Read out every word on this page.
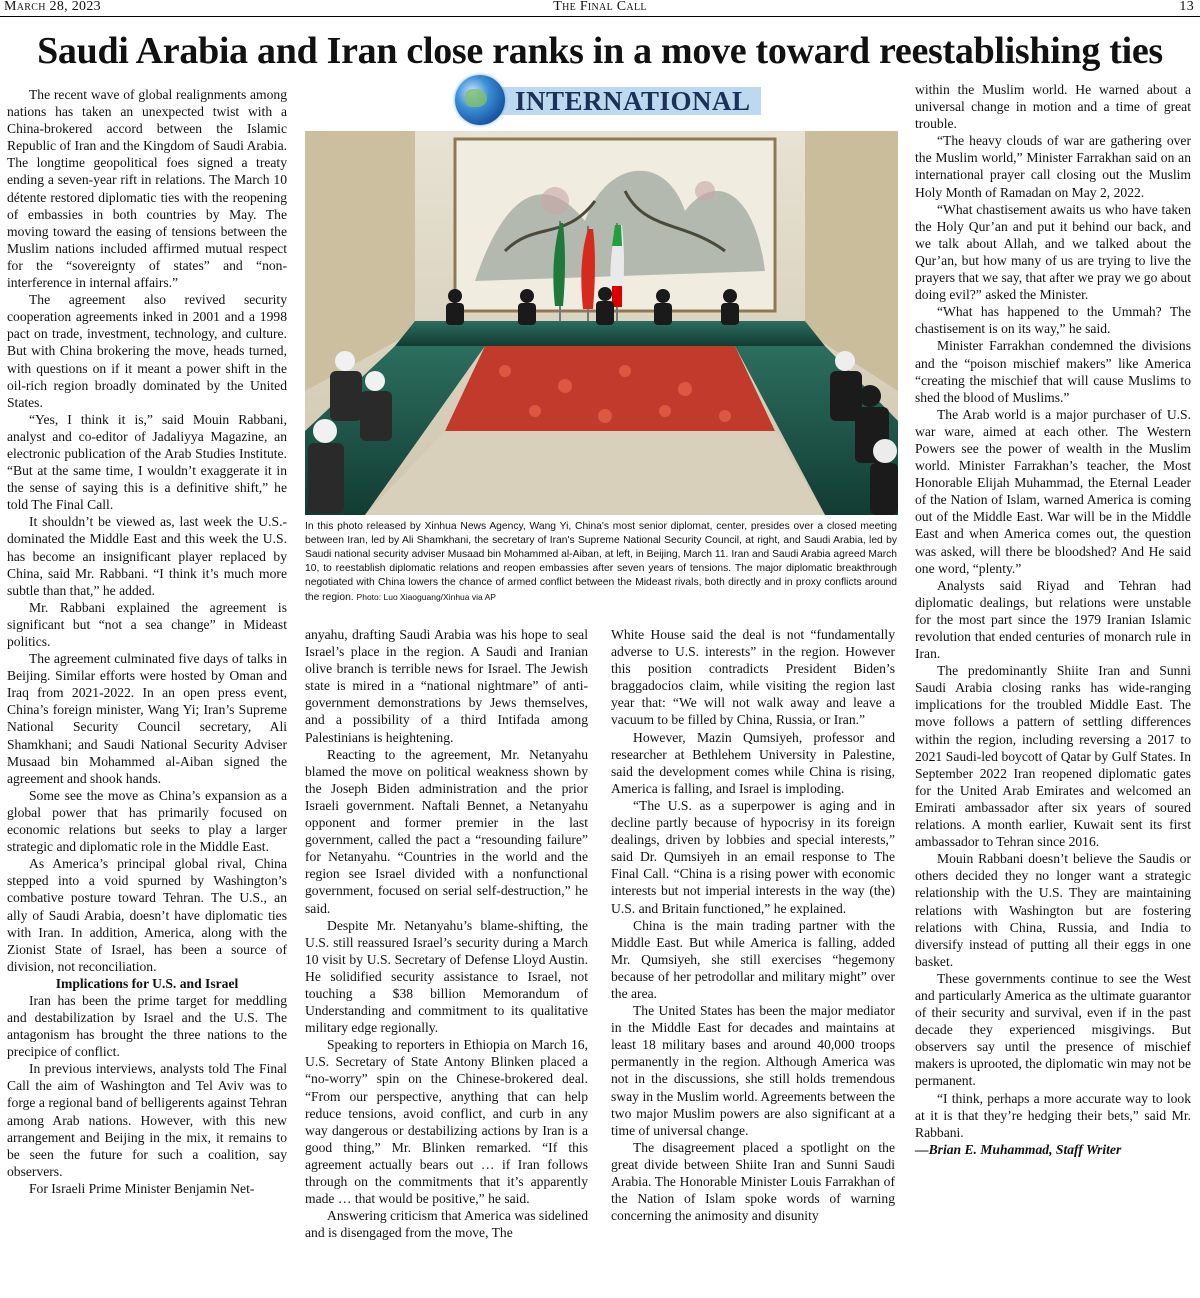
March 28, 2023	The Final Call	13
Saudi Arabia and Iran close ranks in a move toward reestablishing ties

The recent wave of global realignments among nations has taken an unexpected twist with a China-brokered accord between the Islamic Republic of Iran and the Kingdom of Saudi Arabia. The longtime geopolitical foes signed a treaty ending a seven-year rift in relations. The March 10 détente restored diplomatic ties with the reopening of embassies in both countries by May. The moving toward the easing of tensions between the Muslim nations included affirmed mutual respect for the “sovereignty of states” and “non-interference in internal affairs.”

The agreement also revived security cooperation agreements inked in 2001 and a 1998 pact on trade, investment, technology, and culture. But with China brokering the move, heads turned, with questions on if it meant a power shift in the oil-rich region broadly dominated by the United States.

“Yes, I think it is,” said Mouin Rabbani, analyst and co-editor of Jadaliyya Magazine, an electronic publication of the Arab Studies Institute. “But at the same time, I wouldn’t exaggerate it in the sense of saying this is a definitive shift,” he told The Final Call.

It shouldn’t be viewed as, last week the U.S.- dominated the Middle East and this week the U.S. has become an insignificant player replaced by China, said Mr. Rabbani. “I think it’s much more subtle than that,” he added.

Mr. Rabbani explained the agreement is significant but “not a sea change” in Mideast politics.

The agreement culminated five days of talks in Beijing. Similar efforts were hosted by Oman and Iraq from 2021-2022. In an open press event, China’s foreign minister, Wang Yi; Iran’s Supreme National Security Council secretary, Ali Shamkhani; and Saudi National Security Adviser Musaad bin Mohammed al-Aiban signed the agreement and shook hands.

Some see the move as China’s expansion as a global power that has primarily focused on economic relations but seeks to play a larger strategic and diplomatic role in the Middle East.

As America’s principal global rival, China stepped into a void spurned by Washington’s combative posture toward Tehran. The U.S., an ally of Saudi Arabia, doesn’t have diplomatic ties with Iran. In addition, America, along with the Zionist State of Israel, has been a source of division, not reconciliation.

Implications for U.S. and Israel

Iran has been the prime target for meddling and destabilization by Israel and the U.S. The antagonism has brought the three nations to the precipice of conflict.

In previous interviews, analysts told The Final Call the aim of Washington and Tel Aviv was to forge a regional band of belligerents against Tehran among Arab nations. However, with this new arrangement and Beijing in the mix, it remains to be seen the future for such a coalition, say observers.

For Israeli Prime Minister Benjamin Net-

INTERNATIONAL
In this photo released by Xinhua News Agency, Wang Yi, China's most senior diplomat, center, presides over a closed meeting between Iran, led by Ali Shamkhani, the secretary of Iran's Supreme National Security Council, at right, and Saudi Arabia, led by Saudi national security adviser Musaad bin Mohammed al-Aiban, at left, in Beijing, March 11. Iran and Saudi Arabia agreed March 10, to reestablish diplomatic relations and reopen embassies after seven years of tensions. The major diplomatic breakthrough negotiated with China lowers the chance of armed conflict between the Mideast rivals, both directly and in proxy conflicts around the region. Photo: Luo Xiaoguang/Xinhua via AP

anyahu, drafting Saudi Arabia was his hope to seal Israel’s place in the region. A Saudi and Iranian olive branch is terrible news for Israel. The Jewish state is mired in a “national nightmare” of anti-government demonstrations by Jews themselves, and a possibility of a third Intifada among Palestinians is heightening.

Reacting to the agreement, Mr. Netanyahu blamed the move on political weakness shown by the Joseph Biden administration and the prior Israeli government. Naftali Bennet, a Netanyahu opponent and former premier in the last government, called the pact a “resounding failure” for Netanyahu. “Countries in the world and the region see Israel divided with a nonfunctional government, focused on serial self-destruction,” he said.

Despite Mr. Netanyahu’s blame-shifting, the U.S. still reassured Israel’s security during a March 10 visit by U.S. Secretary of Defense Lloyd Austin. He solidified security assistance to Israel, not touching a $38 billion Memorandum of Understanding and commitment to its qualitative military edge regionally.

Speaking to reporters in Ethiopia on March 16, U.S. Secretary of State Antony Blinken placed a “no-worry” spin on the Chinese-brokered deal. “From our perspective, anything that can help reduce tensions, avoid conflict, and curb in any way dangerous or destabilizing actions by Iran is a good thing,” Mr. Blinken remarked. “If this agreement actually bears out … if Iran follows through on the commitments that it’s apparently made … that would be positive,” he said.

Answering criticism that America was sidelined and is disengaged from the move, The

White House said the deal is not “fundamentally adverse to U.S. interests” in the region. However this position contradicts President Biden’s braggadocios claim, while visiting the region last year that: “We will not walk away and leave a vacuum to be filled by China, Russia, or Iran.”

However, Mazin Qumsiyeh, professor and researcher at Bethlehem University in Palestine, said the development comes while China is rising, America is falling, and Israel is imploding.

“The U.S. as a superpower is aging and in decline partly because of hypocrisy in its foreign dealings, driven by lobbies and special interests,” said Dr. Qumsiyeh in an email response to The Final Call. “China is a rising power with economic interests but not imperial interests in the way (the) U.S. and Britain functioned,” he explained.

China is the main trading partner with the Middle East. But while America is falling, added Mr. Qumsiyeh, she still exercises “hegemony because of her petrodollar and military might” over the area.

The United States has been the major mediator in the Middle East for decades and maintains at least 18 military bases and around 40,000 troops permanently in the region. Although America was not in the discussions, she still holds tremendous sway in the Muslim world. Agreements between the two major Muslim powers are also significant at a time of universal change.

The disagreement placed a spotlight on the great divide between Shiite Iran and Sunni Saudi Arabia. The Honorable Minister Louis Farrakhan of the Nation of Islam spoke words of warning concerning the animosity and disunity

within the Muslim world. He warned about a universal change in motion and a time of great trouble.

“The heavy clouds of war are gathering over the Muslim world,” Minister Farrakhan said on an international prayer call closing out the Muslim Holy Month of Ramadan on May 2, 2022.

“What chastisement awaits us who have taken the Holy Qur’an and put it behind our back, and we talk about Allah, and we talked about the Qur’an, but how many of us are trying to live the prayers that we say, that after we pray we go about doing evil?” asked the Minister.

“What has happened to the Ummah? The chastisement is on its way,” he said.

Minister Farrakhan condemned the divisions and the “poison mischief makers” like America “creating the mischief that will cause Muslims to shed the blood of Muslims.”

The Arab world is a major purchaser of U.S. war ware, aimed at each other. The Western Powers see the power of wealth in the Muslim world. Minister Farrakhan’s teacher, the Most Honorable Elijah Muhammad, the Eternal Leader of the Nation of Islam, warned America is coming out of the Middle East. War will be in the Middle East and when America comes out, the question was asked, will there be bloodshed? And He said one word, “plenty.”

Analysts said Riyad and Tehran had diplomatic dealings, but relations were unstable for the most part since the 1979 Iranian Islamic revolution that ended centuries of monarch rule in Iran.

The predominantly Shiite Iran and Sunni Saudi Arabia closing ranks has wide-ranging implications for the troubled Middle East. The move follows a pattern of settling differences within the region, including reversing a 2017 to 2021 Saudi-led boycott of Qatar by Gulf States. In September 2022 Iran reopened diplomatic gates for the United Arab Emirates and welcomed an Emirati ambassador after six years of soured relations. A month earlier, Kuwait sent its first ambassador to Tehran since 2016.

Mouin Rabbani doesn’t believe the Saudis or others decided they no longer want a strategic relationship with the U.S. They are maintaining relations with Washington but are fostering relations with China, Russia, and India to diversify instead of putting all their eggs in one basket.

These governments continue to see the West and particularly America as the ultimate guarantor of their security and survival, even if in the past decade they experienced misgivings. But observers say until the presence of mischief makers is uprooted, the diplomatic win may not be permanent.

“I think, perhaps a more accurate way to look at it is that they’re hedging their bets,” said Mr. Rabbani.

—Brian E. Muhammad, Staff Writer
